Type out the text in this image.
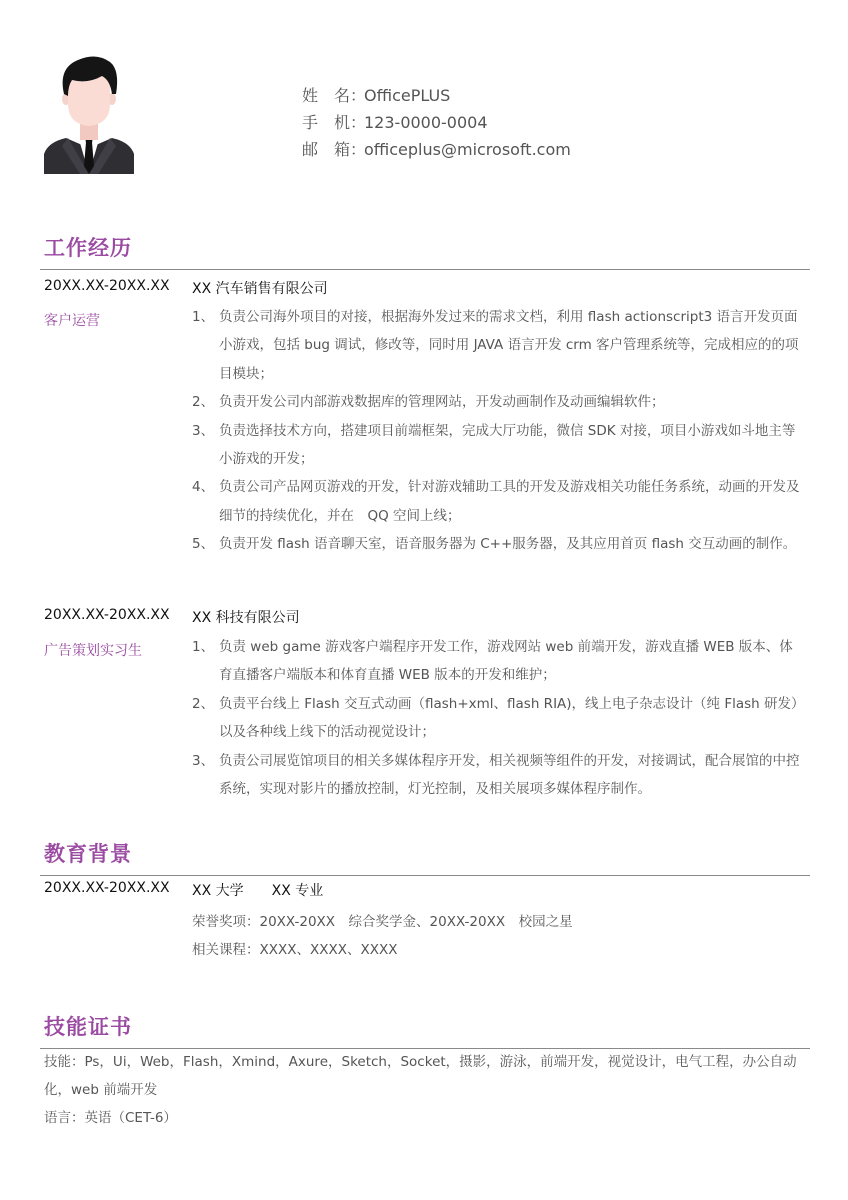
姓　名：OfficePLUS
手　机：123-0000-0004
邮　箱：officeplus@microsoft.com
工作经历
20XX.XX-20XX.XX XX 汽车销售有限公司
客户运营	1、 负责公司海外项目的对接，根据海外发过来的需求文档，利用 flash actionscript3 语言开发页面小游戏，包括 bug 调试，修改等，同时用 JAVA 语言开发 crm 客户管理系统等，完成相应的的项目模块；
2、 负责开发公司内部游戏数据库的管理网站，开发动画制作及动画编辑软件；
3、 负责选择技术方向，搭建项目前端框架，完成大厅功能，微信 SDK 对接，项目小游戏如斗地主等小游戏的开发；
4、 负责公司产品网页游戏的开发，针对游戏辅助工具的开发及游戏相关功能任务系统，动画的开发及细节的持续优化，并在　QQ 空间上线；
5、 负责开发 flash 语音聊天室，语音服务器为 C++服务器，及其应用首页 flash 交互动画的制作。
20XX.XX-20XX.XX XX 科技有限公司
广告策划实习生	1、 负责 web game 游戏客户端程序开发工作，游戏网站 web 前端开发，游戏直播 WEB 版本、体育直播客户端版本和体育直播 WEB 版本的开发和维护；
2、 负责平台线上 Flash 交互式动画（flash+xml、flash RIA)，线上电子杂志设计（纯 Flash 研发）以及各种线上线下的活动视觉设计；
3、 负责公司展览馆项目的相关多媒体程序开发，相关视频等组件的开发，对接调试，配合展馆的中控系统，实现对影片的播放控制，灯光控制，及相关展项多媒体程序制作。
教育背景
20XX.XX-20XX.XX XX 大学　　XX 专业
荣誉奖项：20XX-20XX　综合奖学金、20XX-20XX　校园之星
相关课程：XXXX、XXXX、XXXX
技能证书
技能：Ps，Ui，Web，Flash，Xmind，Axure，Sketch，Socket，摄影，游泳，前端开发，视觉设计，电气工程，办公自动化，web 前端开发
语言：英语（CET-6）
